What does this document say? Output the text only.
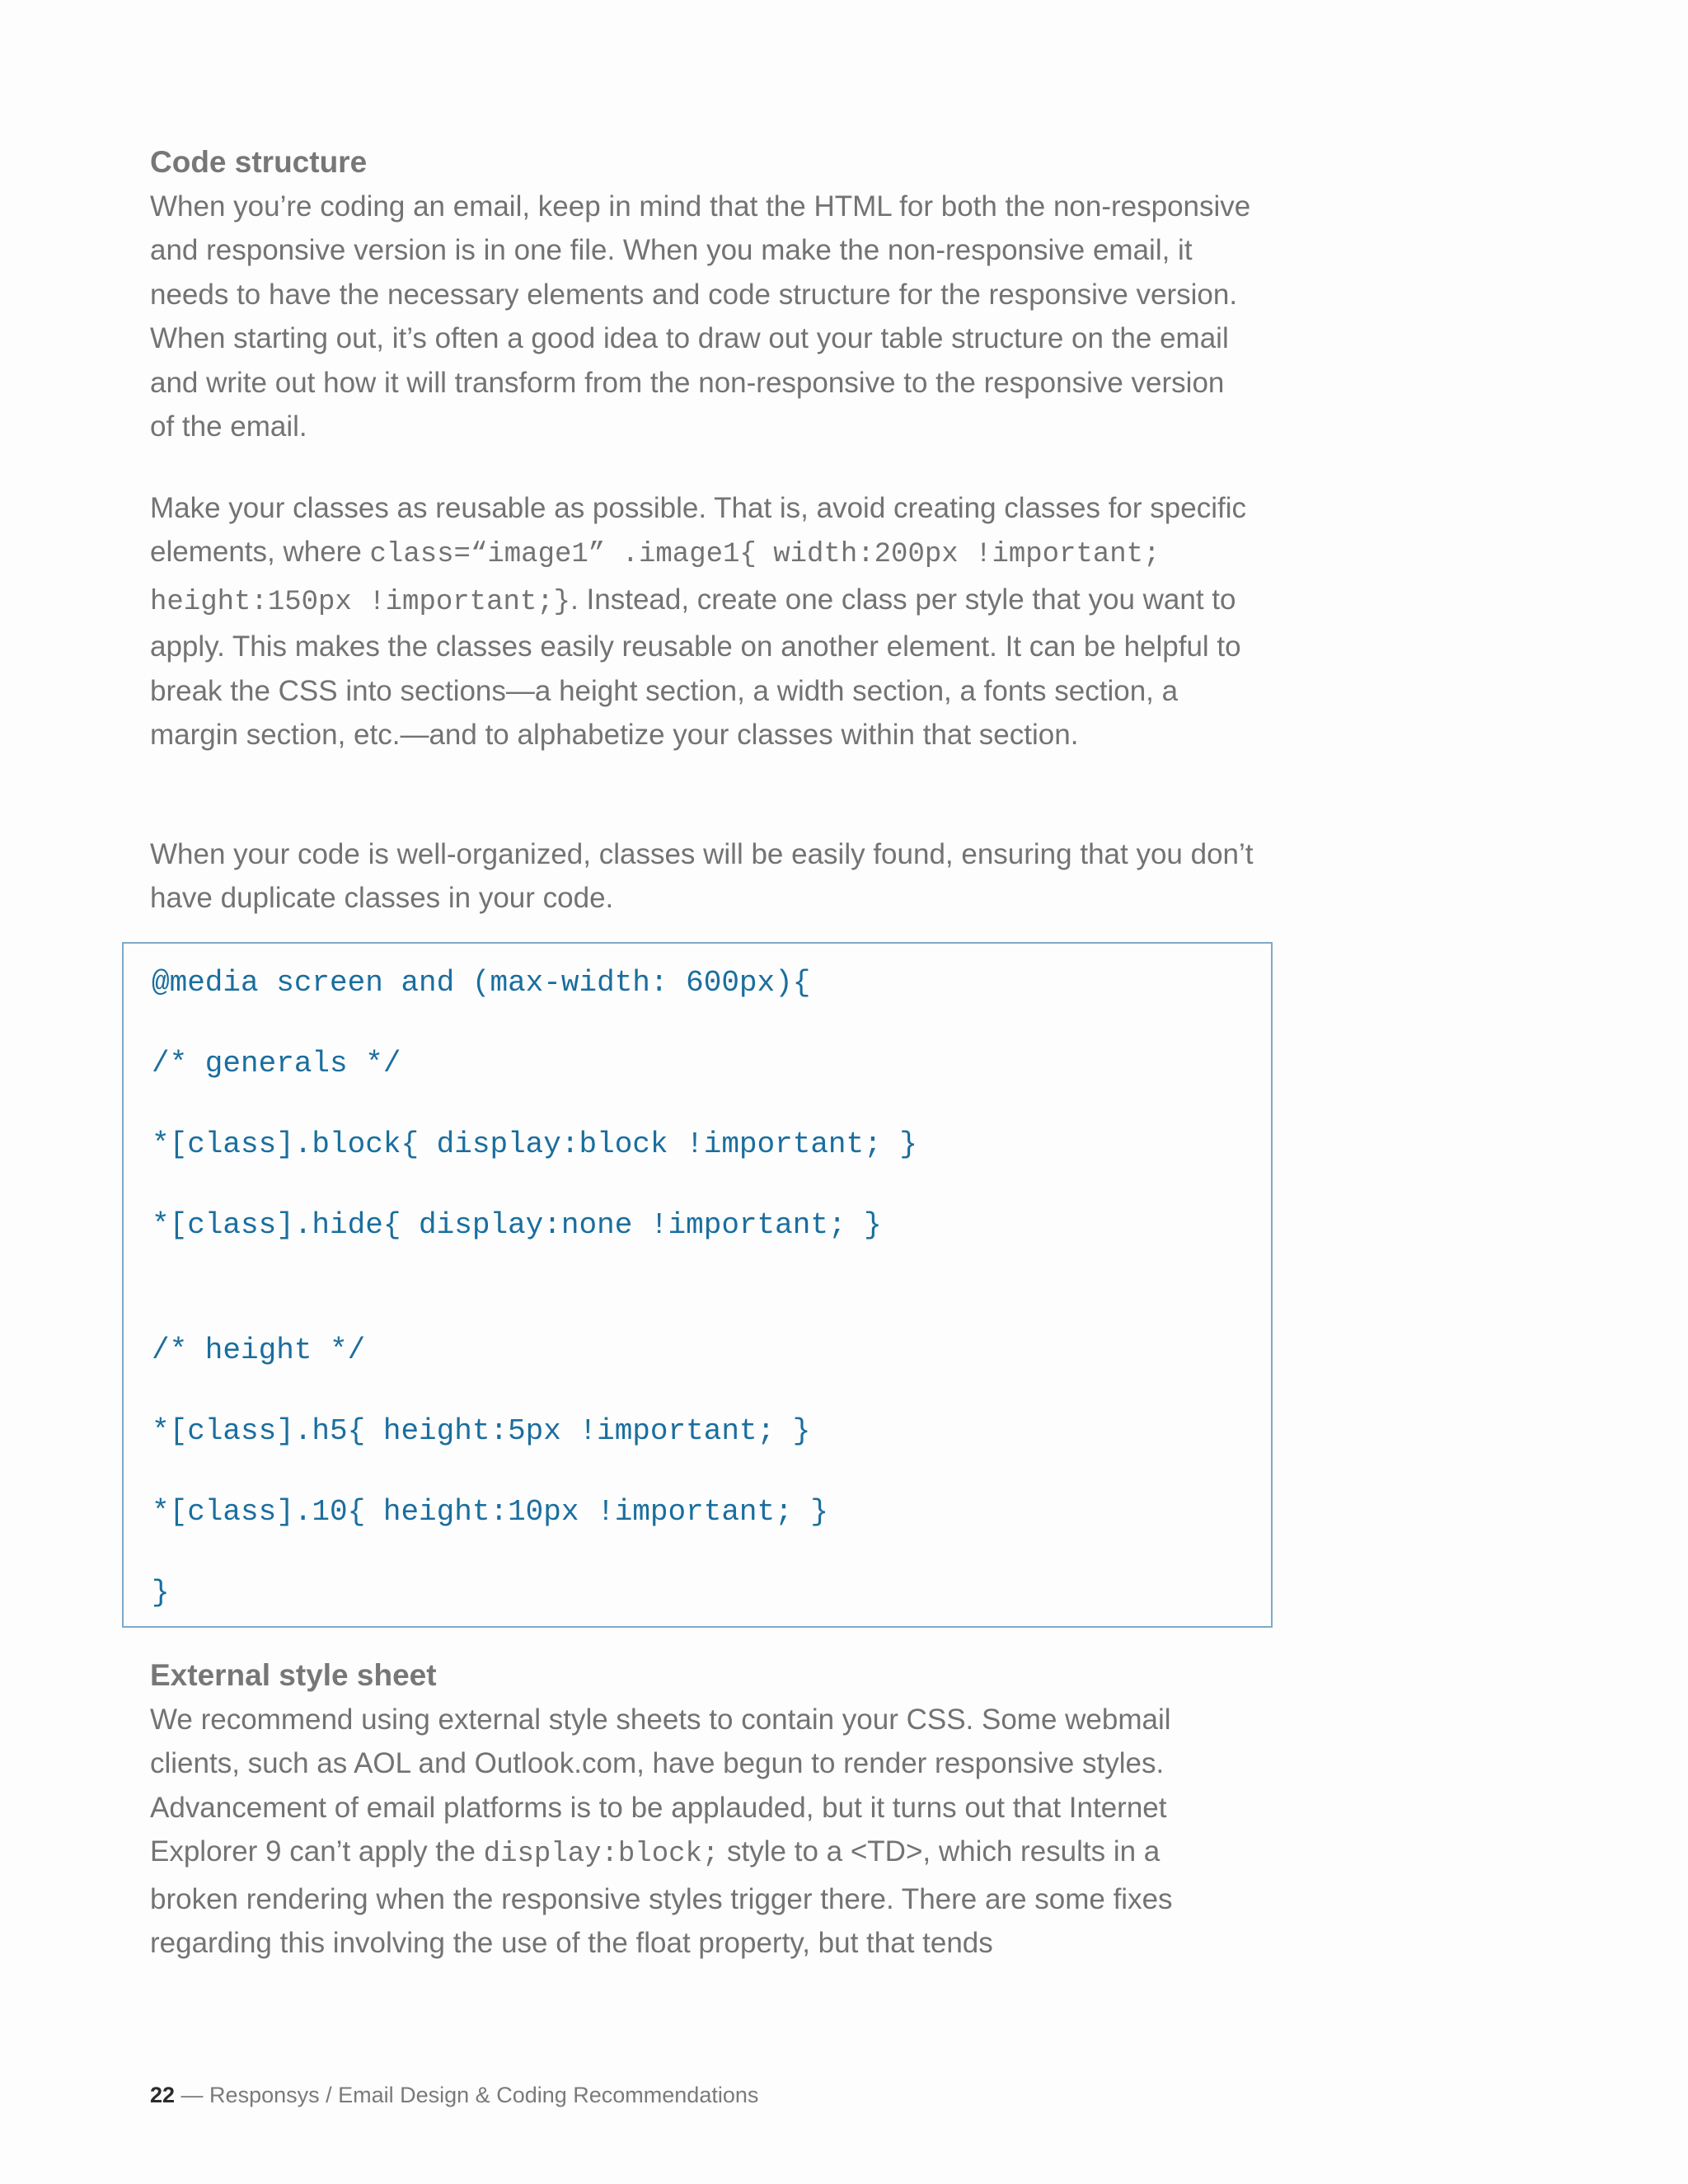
Code structure

When you’re coding an email, keep in mind that the HTML for both the non-responsive and responsive version is in one file. When you make the non-responsive email, it needs to have the necessary elements and code structure for the responsive version. When starting out, it’s often a good idea to draw out your table structure on the email and write out how it will transform from the non-responsive to the responsive version of the email.

Make your classes as reusable as possible. That is, avoid creating classes for specific elements, where class=“image1” .image1{ width:200px !important; height:150px !important;}. Instead, create one class per style that you want to apply. This makes the classes easily reusable on another element. It can be helpful to break the CSS into sections—a height section, a width section, a fonts section, a margin section, etc.—and to alphabetize your classes within that section.

When your code is well-organized, classes will be easily found, ensuring that you don’t have duplicate classes in your code.

@media screen and (max-width: 600px){
/* generals */
*[class].block{ display:block !important; }
*[class].hide{ display:none !important; }
/* height */
*[class].h5{ height:5px !important; }
*[class].10{ height:10px !important; }
}
External style sheet

We recommend using external style sheets to contain your CSS. Some webmail clients, such as AOL and Outlook.com, have begun to render responsive styles. Advancement of email platforms is to be applauded, but it turns out that Internet Explorer 9 can’t apply the display:block; style to a <TD>, which results in a broken rendering when the responsive styles trigger there. There are some fixes regarding this involving the use of the float property, but that tends

22 — Responsys / Email Design & Coding Recommendations
